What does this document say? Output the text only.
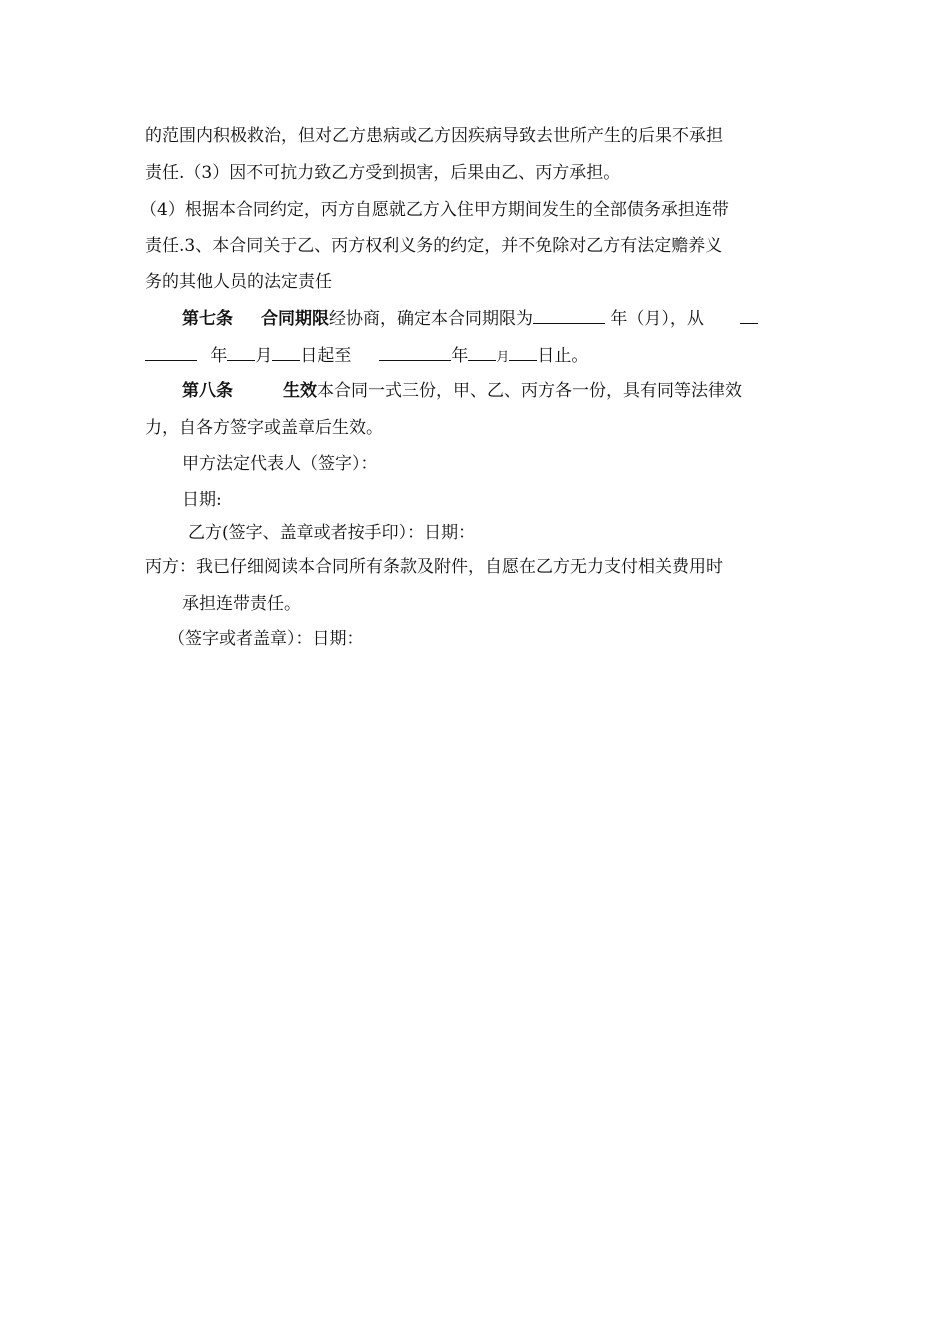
的范围内积极救治，但对乙方患病或乙方因疾病导致去世所产生的后果不承担
责任.（3）因不可抗力致乙方受到损害，后果由乙、丙方承担。
（4）根据本合同约定，丙方自愿就乙方入住甲方期间发生的全部债务承担连带
责任.3、本合同关于乙、丙方权利义务的约定，并不免除对乙方有法定赡养义
务的其他人员的法定责任
第七条 合同期限经协商，确定本合同期限为	年（月），从
年 月 日起至	年 月 日止。
第八条	生效本合同一式三份，甲、乙、丙方各一份，具有同等法律效
力，自各方签字或盖章后生效。
甲方法定代表人（签字）：
日期:
乙方(签字、盖章或者按手印）：日期：
丙方：我已仔细阅读本合同所有条款及附件，自愿在乙方无力支付相关费用时
承担连带责任。
（签字或者盖章）：日期：
